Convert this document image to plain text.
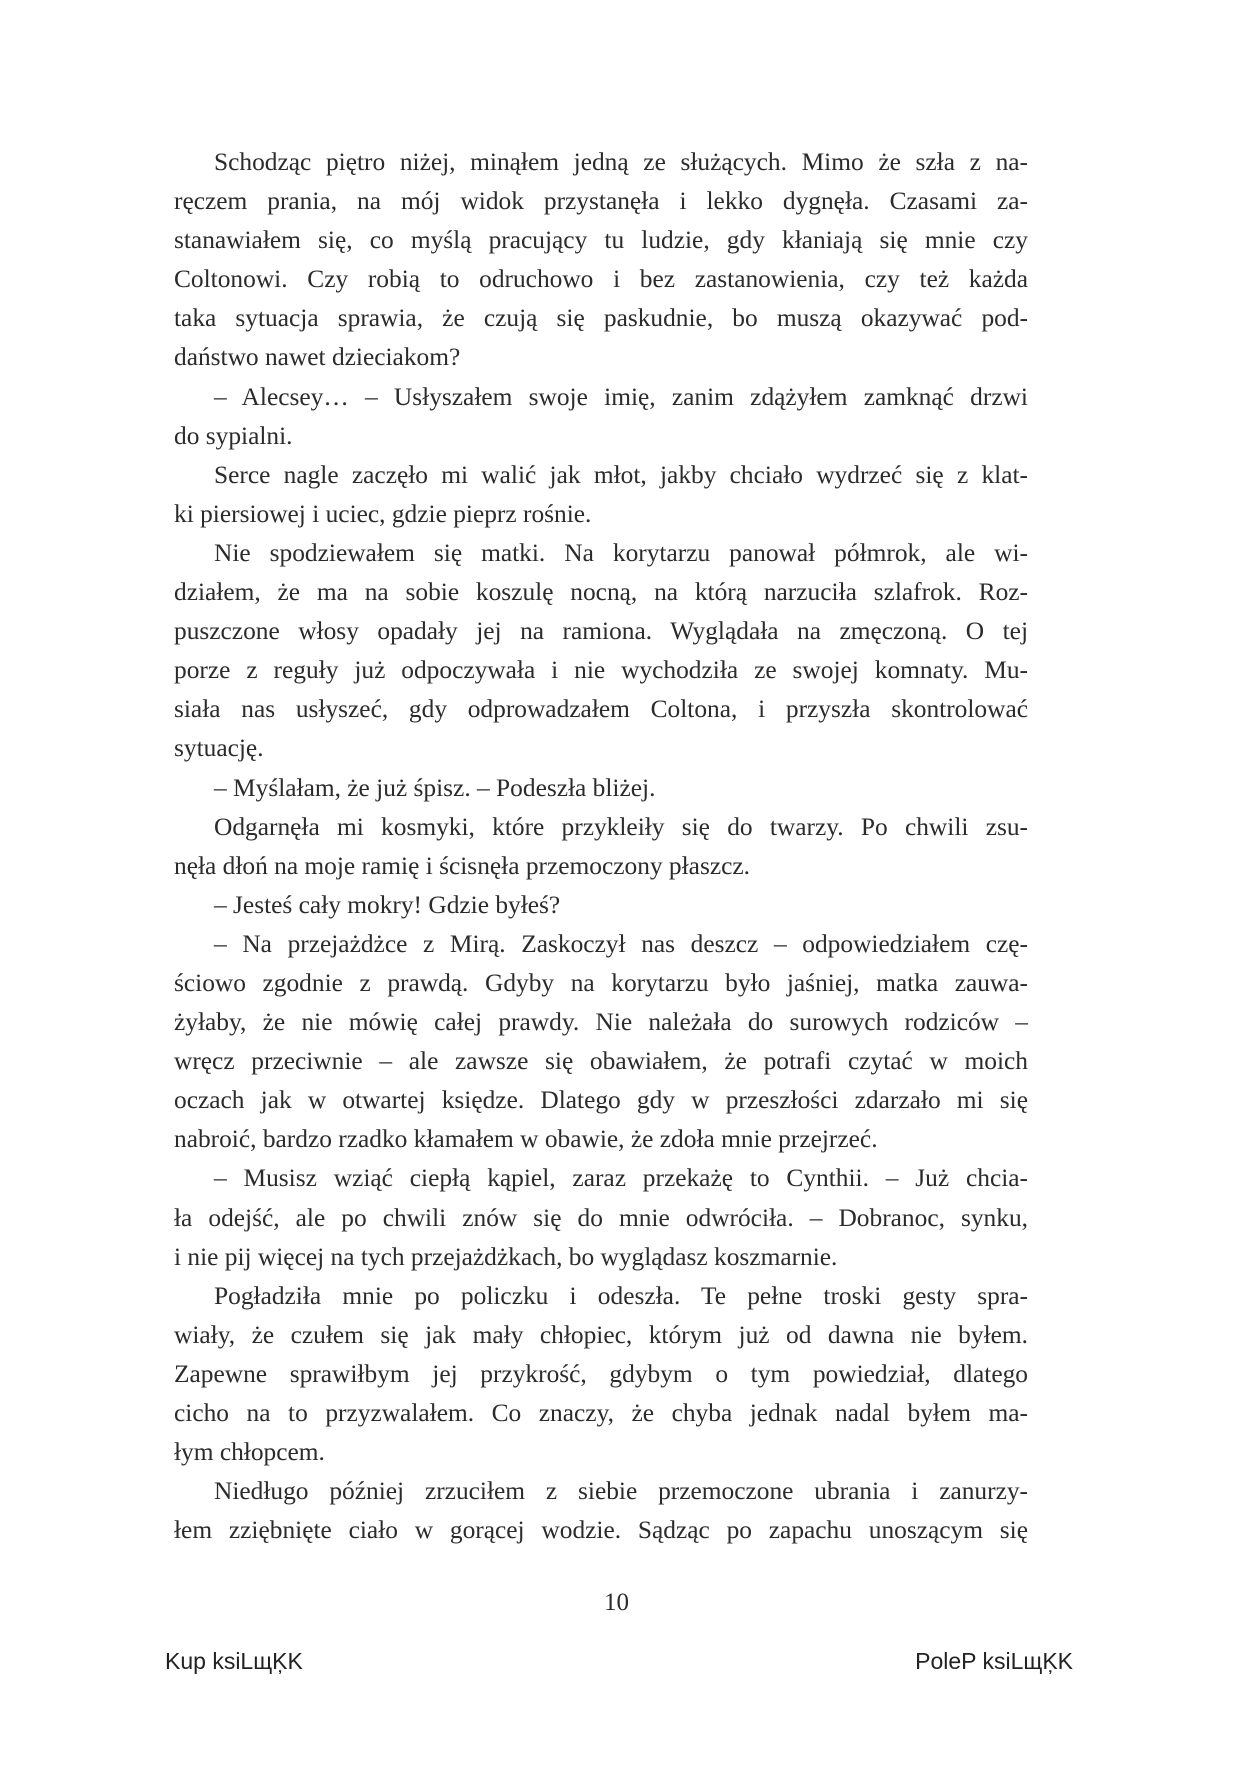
Schodząc piętro niżej, minąłem jedną ze służących. Mimo że szła z na-
ręczem prania, na mój widok przystanęła i lekko dygnęła. Czasami za-
stanawiałem się, co myślą pracujący tu ludzie, gdy kłaniają się mnie czy
Coltonowi. Czy robią to odruchowo i bez zastanowienia, czy też każda
taka sytuacja sprawia, że czują się paskudnie, bo muszą okazywać pod-
daństwo nawet dzieciakom?
– Alecsey… – Usłyszałem swoje imię, zanim zdążyłem zamknąć drzwi
do sypialni.
Serce nagle zaczęło mi walić jak młot, jakby chciało wydrzeć się z klat-
ki piersiowej i uciec, gdzie pieprz rośnie.
Nie spodziewałem się matki. Na korytarzu panował półmrok, ale wi-
działem, że ma na sobie koszulę nocną, na którą narzuciła szlafrok. Roz-
puszczone włosy opadały jej na ramiona. Wyglądała na zmęczoną. O tej
porze z reguły już odpoczywała i nie wychodziła ze swojej komnaty. Mu-
siała nas usłyszeć, gdy odprowadzałem Coltona, i przyszła skontrolować
sytuację.
– Myślałam, że już śpisz. – Podeszła bliżej.
Odgarnęła mi kosmyki, które przykleiły się do twarzy. Po chwili zsu-
nęła dłoń na moje ramię i ścisnęła przemoczony płaszcz.
– Jesteś cały mokry! Gdzie byłeś?
– Na przejażdżce z Mirą. Zaskoczył nas deszcz – odpowiedziałem czę-
ściowo zgodnie z prawdą. Gdyby na korytarzu było jaśniej, matka zauwa-
żyłaby, że nie mówię całej prawdy. Nie należała do surowych rodziców –
wręcz przeciwnie – ale zawsze się obawiałem, że potrafi czytać w moich
oczach jak w otwartej księdze. Dlatego gdy w przeszłości zdarzało mi się
nabroić, bardzo rzadko kłamałem w obawie, że zdoła mnie przejrzeć.
– Musisz wziąć ciepłą kąpiel, zaraz przekażę to Cynthii. – Już chcia-
ła odejść, ale po chwili znów się do mnie odwróciła. – Dobranoc, synku,
i nie pij więcej na tych przejażdżkach, bo wyglądasz koszmarnie.
Pogładziła mnie po policzku i odeszła. Te pełne troski gesty spra-
wiały, że czułem się jak mały chłopiec, którym już od dawna nie byłem.
Zapewne sprawiłbym jej przykrość, gdybym o tym powiedział, dlatego
cicho na to przyzwalałem. Co znaczy, że chyba jednak nadal byłem ma-
łym chłopcem.
Niedługo później zrzuciłem z siebie przemoczone ubrania i zanurzy-
łem zziębnięte ciało w gorącej wodzie. Sądząc po zapachu unoszącym się
10
Kup ksiLщĶK	PoleP ksiLщĶK
